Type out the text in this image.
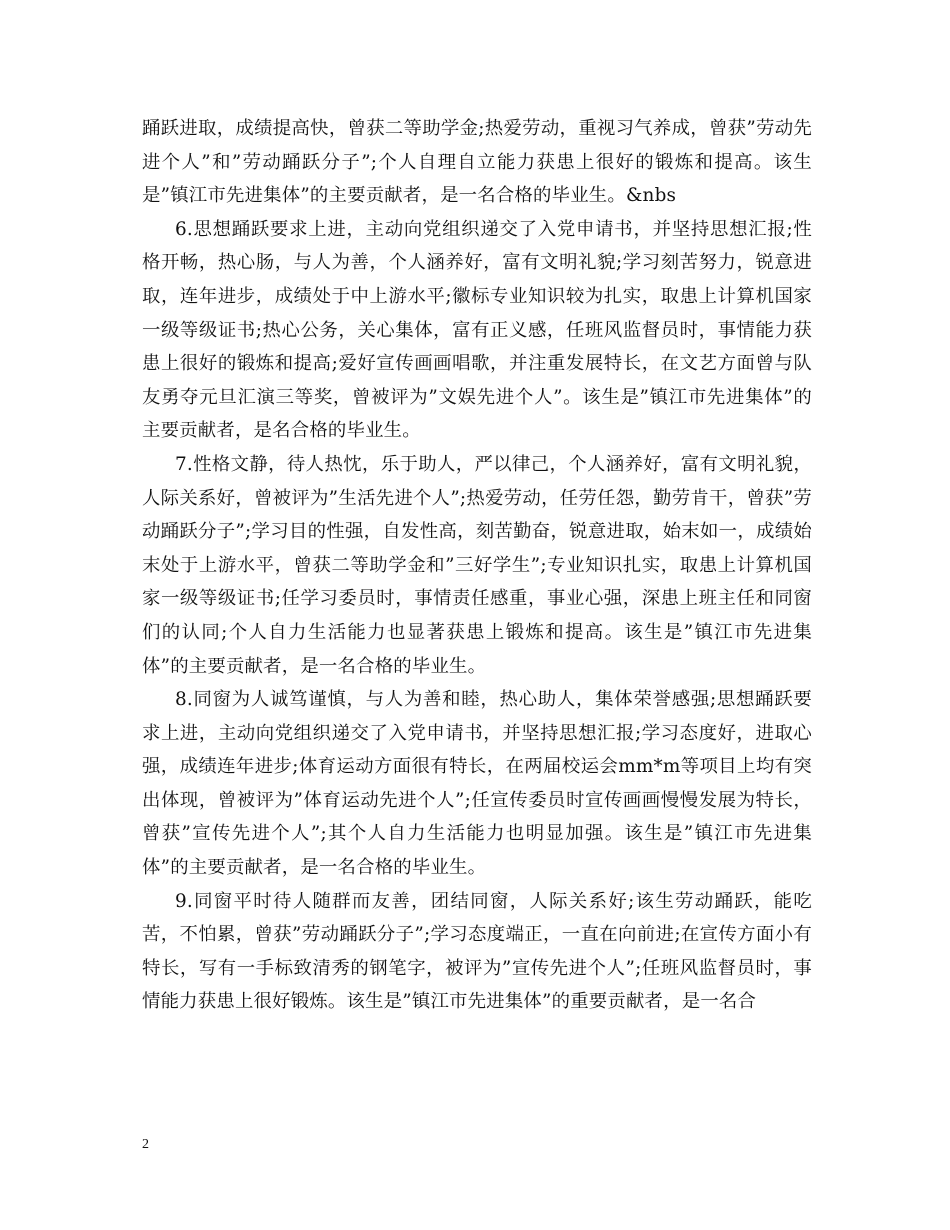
踊跃进取，成绩提高快，曾获二等助学金;热爱劳动，重视习气养成，曾获”劳动先进个人”和”劳动踊跃分子”;个人自理自立能力获患上很好的锻炼和提高。该生是”镇江市先进集体”的主要贡献者，是一名合格的毕业生。&nbs

6.思想踊跃要求上进，主动向党组织递交了入党申请书，并坚持思想汇报;性格开畅，热心肠，与人为善，个人涵养好，富有文明礼貌;学习刻苦努力，锐意进取，连年进步，成绩处于中上游水平;徽标专业知识较为扎实，取患上计算机国家一级等级证书;热心公务，关心集体，富有正义感，任班风监督员时，事情能力获患上很好的锻炼和提高;爱好宣传画画唱歌，并注重发展特长，在文艺方面曾与队友勇夺元旦汇演三等奖，曾被评为”文娱先进个人”。该生是”镇江市先进集体”的主要贡献者，是名合格的毕业生。

7.性格文静，待人热忱，乐于助人，严以律己，个人涵养好，富有文明礼貌，人际关系好，曾被评为”生活先进个人”;热爱劳动，任劳任怨，勤劳肯干，曾获”劳动踊跃分子”;学习目的性强，自发性高，刻苦勤奋，锐意进取，始末如一，成绩始末处于上游水平，曾获二等助学金和”三好学生”;专业知识扎实，取患上计算机国家一级等级证书;任学习委员时，事情责任感重，事业心强，深患上班主任和同窗们的认同;个人自力生活能力也显著获患上锻炼和提高。该生是”镇江市先进集体”的主要贡献者，是一名合格的毕业生。

8.同窗为人诚笃谨慎，与人为善和睦，热心助人，集体荣誉感强;思想踊跃要求上进，主动向党组织递交了入党申请书，并坚持思想汇报;学习态度好，进取心强，成绩连年进步;体育运动方面很有特长，在两届校运会mm*m等项目上均有突出体现，曾被评为”体育运动先进个人”;任宣传委员时宣传画画慢慢发展为特长，曾获”宣传先进个人”;其个人自力生活能力也明显加强。该生是”镇江市先进集体”的主要贡献者，是一名合格的毕业生。

9.同窗平时待人随群而友善，团结同窗，人际关系好;该生劳动踊跃，能吃苦，不怕累，曾获”劳动踊跃分子”;学习态度端正，一直在向前进;在宣传方面小有特长，写有一手标致清秀的钢笔字，被评为”宣传先进个人”;任班风监督员时，事情能力获患上很好锻炼。该生是”镇江市先进集体”的重要贡献者，是一名合

2
